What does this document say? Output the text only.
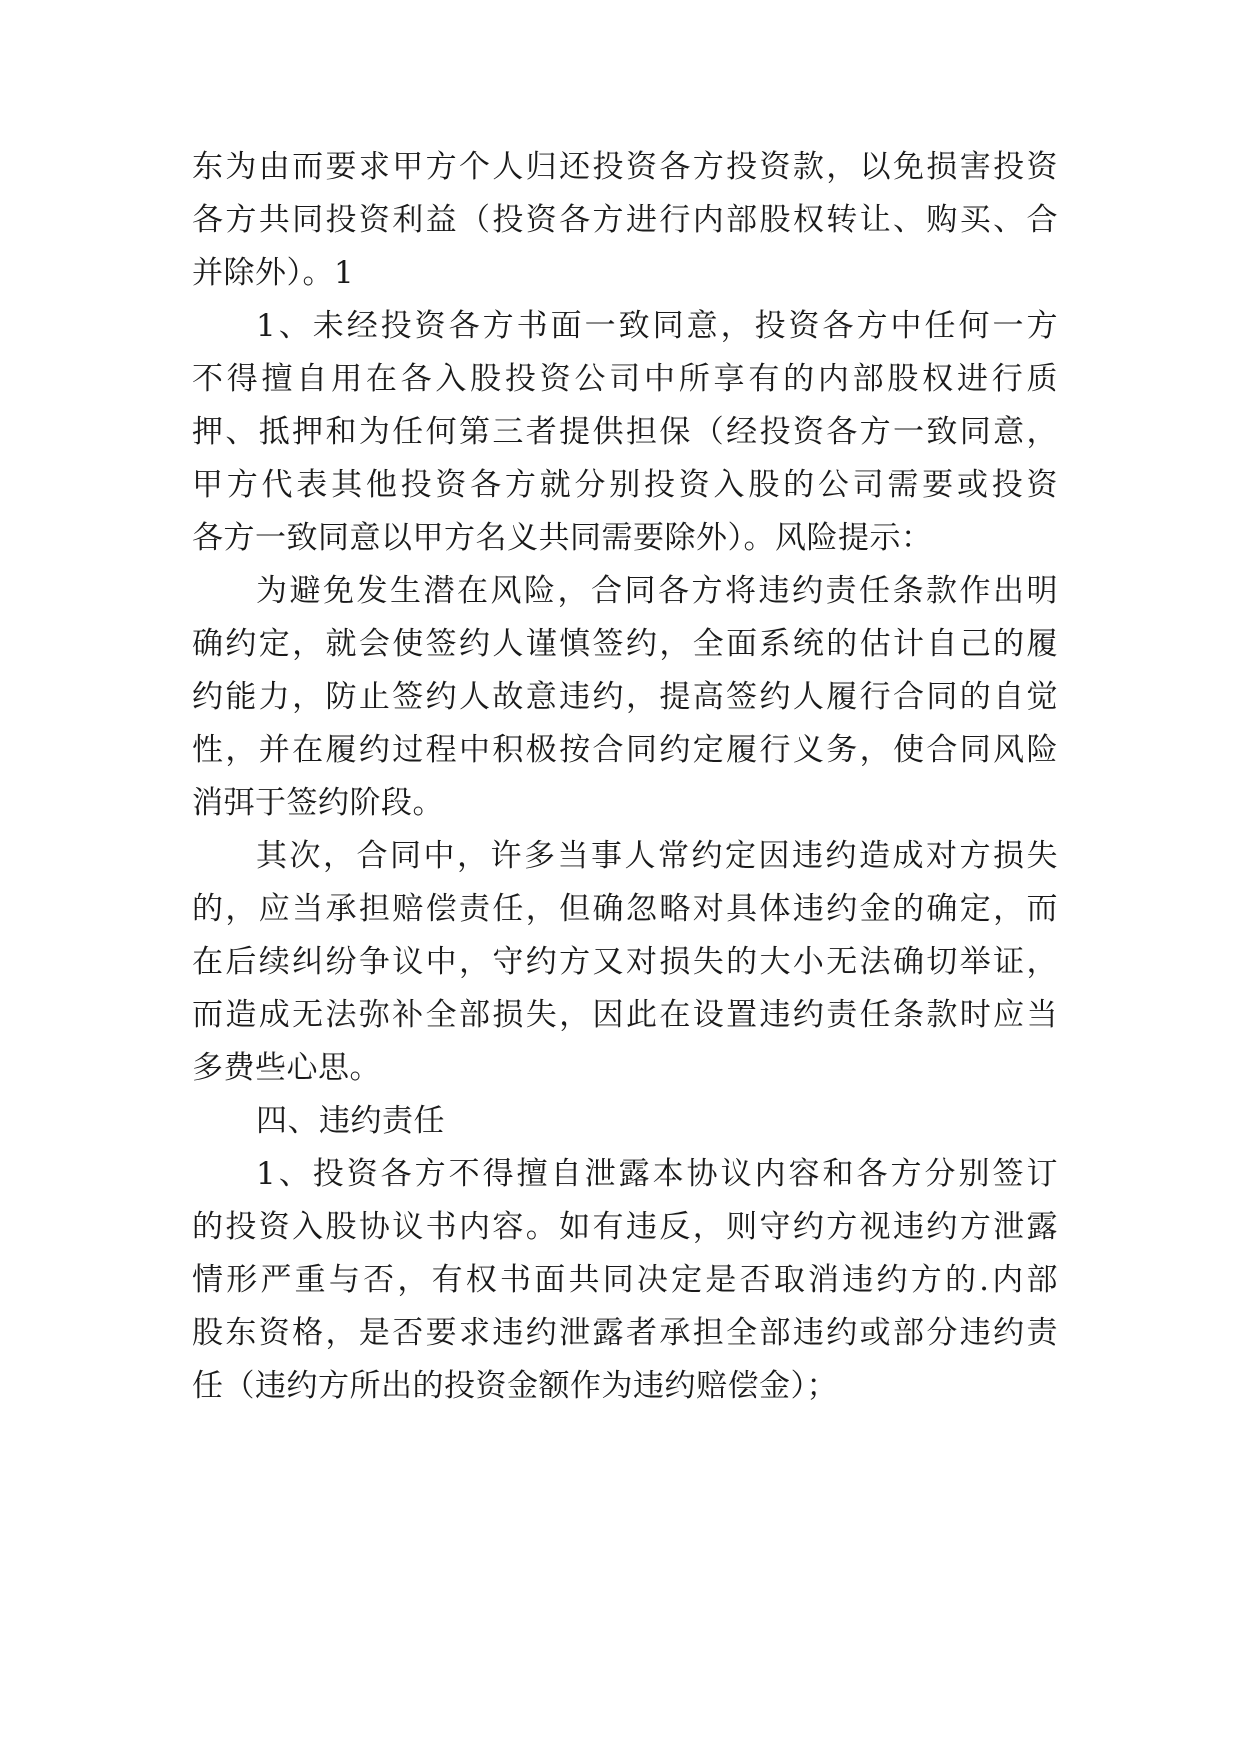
东为由而要求甲方个人归还投资各方投资款，以免损害投资
各方共同投资利益（投资各方进行内部股权转让、购买、合
并除外）。1
1、未经投资各方书面一致同意，投资各方中任何一方
不得擅自用在各入股投资公司中所享有的内部股权进行质
押、抵押和为任何第三者提供担保（经投资各方一致同意，
甲方代表其他投资各方就分别投资入股的公司需要或投资
各方一致同意以甲方名义共同需要除外）。风险提示：
为避免发生潜在风险，合同各方将违约责任条款作出明
确约定，就会使签约人谨慎签约，全面系统的估计自己的履
约能力，防止签约人故意违约，提高签约人履行合同的自觉
性，并在履约过程中积极按合同约定履行义务，使合同风险
消弭于签约阶段。
其次，合同中，许多当事人常约定因违约造成对方损失
的，应当承担赔偿责任，但确忽略对具体违约金的确定，而
在后续纠纷争议中，守约方又对损失的大小无法确切举证，
而造成无法弥补全部损失，因此在设置违约责任条款时应当
多费些心思。
四、违约责任
1、投资各方不得擅自泄露本协议内容和各方分别签订
的投资入股协议书内容。如有违反，则守约方视违约方泄露
情形严重与否，有权书面共同决定是否取消违约方的.内部
股东资格，是否要求违约泄露者承担全部违约或部分违约责
任（违约方所出的投资金额作为违约赔偿金）；
